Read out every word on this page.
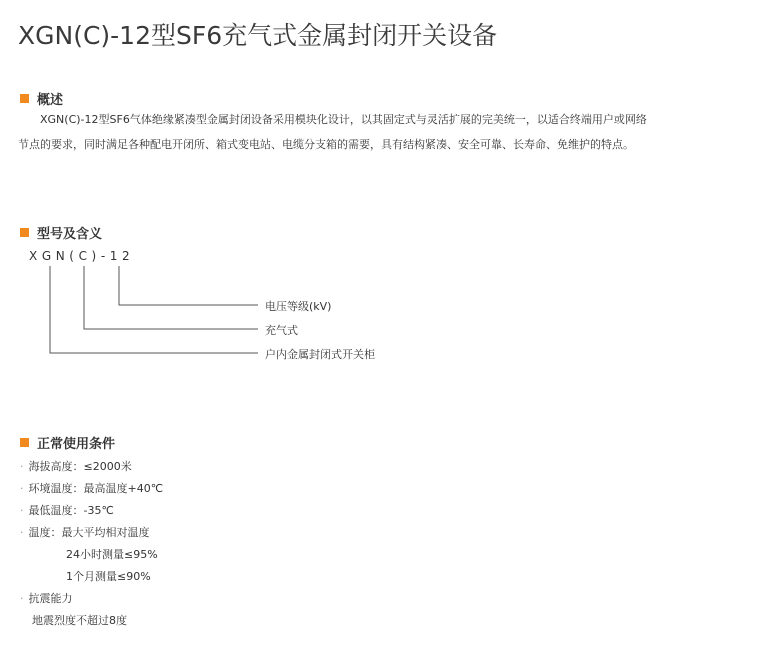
XGN(C)-12型SF6充气式金属封闭开关设备
概述

XGN(C)-12型SF6气体绝缘紧凑型金属封闭设备采用模块化设计，以其固定式与灵活扩展的完美统一，以适合终端用户或网络

节点的要求，同时满足各种配电开闭所、箱式变电站、电缆分支箱的需要，具有结构紧凑、安全可靠、长寿命、免维护的特点。

型号及含义
XGN(C)-12
电压等级(kV)
充气式
户内金属封闭式开关柜
正常使用条件
· 海拔高度：≤2000米
· 环境温度：最高温度+40℃
· 最低温度：-35℃
· 温度：最大平均相对温度
24小时测量≤95%
1个月测量≤90%
· 抗震能力
地震烈度不超过8度
